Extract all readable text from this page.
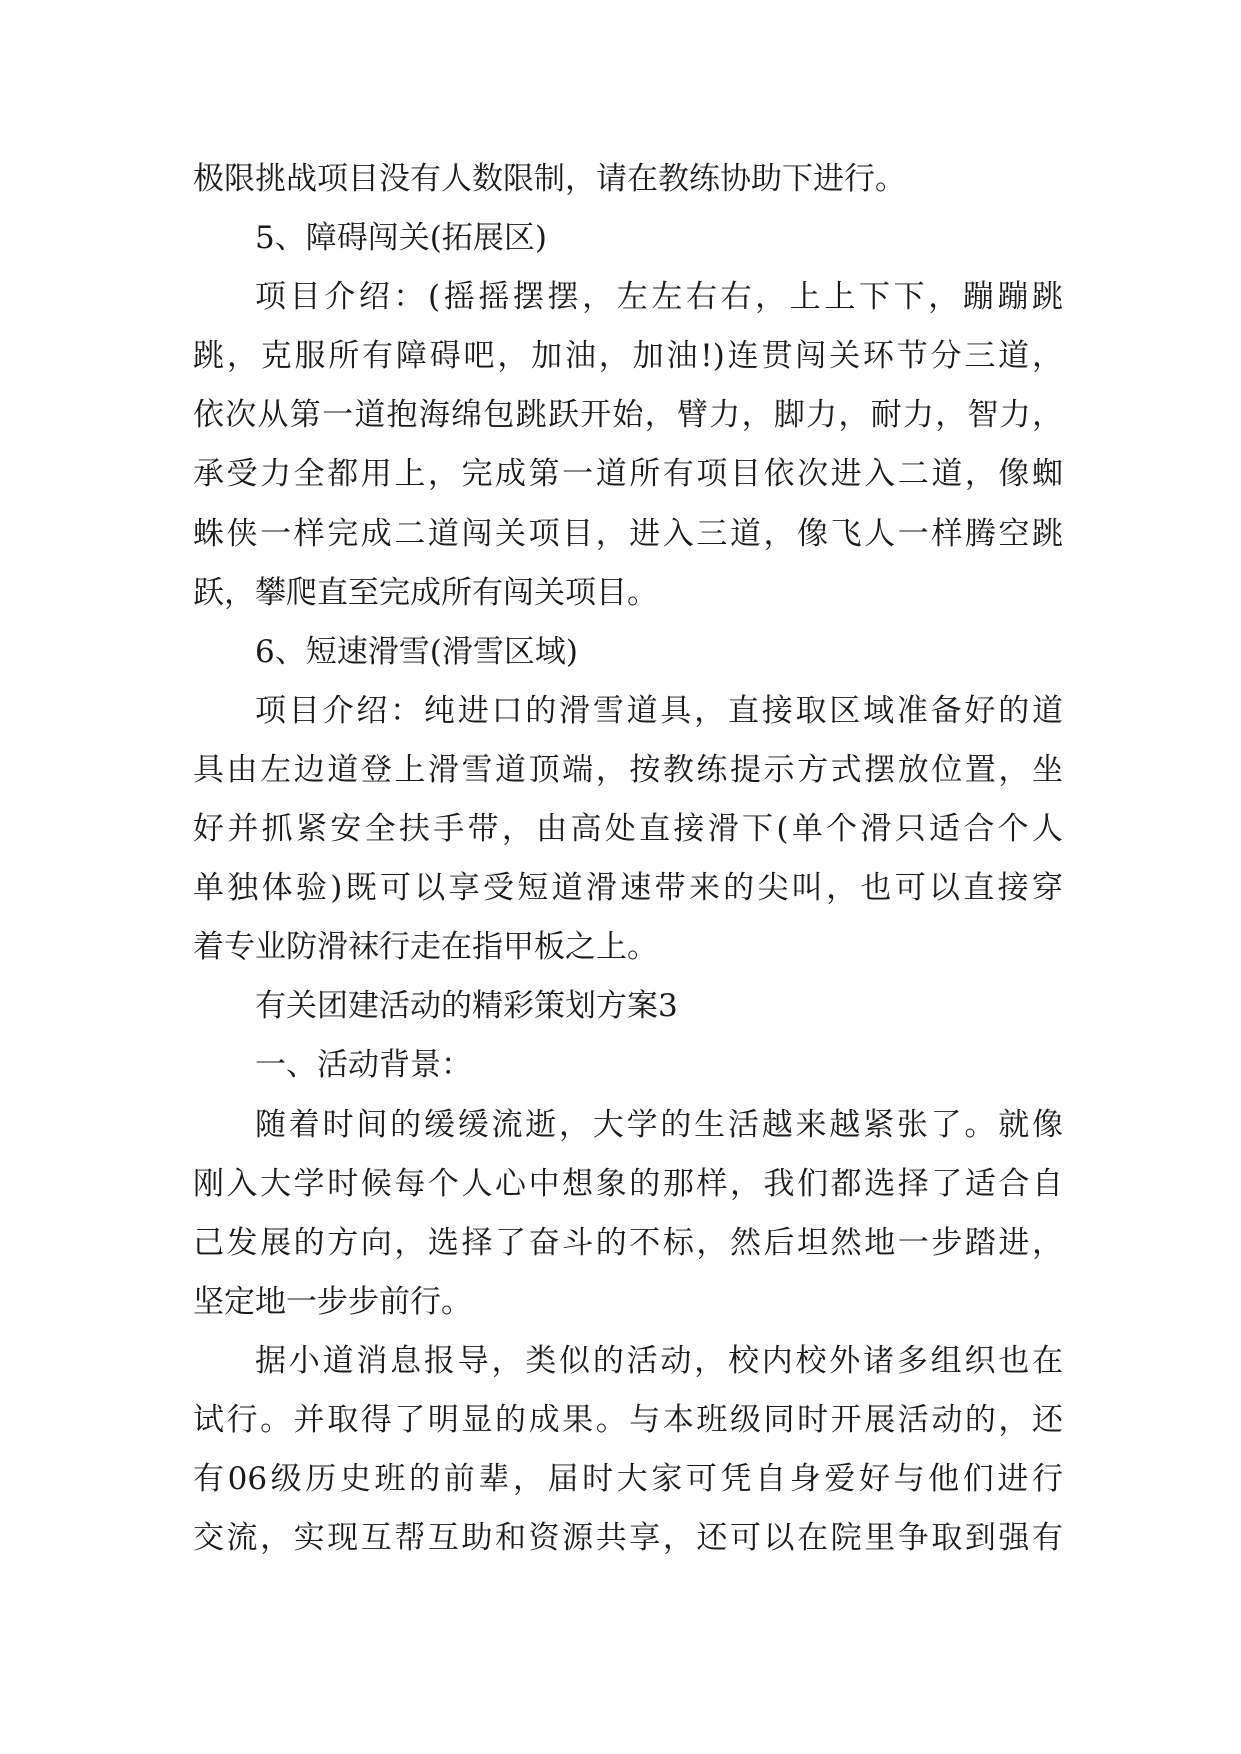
极限挑战项目没有人数限制，请在教练协助下进行。
5、障碍闯关(拓展区)
项目介绍：(摇摇摆摆，左左右右，上上下下，蹦蹦跳
跳，克服所有障碍吧，加油，加油!)连贯闯关环节分三道，
依次从第一道抱海绵包跳跃开始，臂力，脚力，耐力，智力，
承受力全都用上，完成第一道所有项目依次进入二道，像蜘
蛛侠一样完成二道闯关项目，进入三道，像飞人一样腾空跳
跃，攀爬直至完成所有闯关项目。
6、短速滑雪(滑雪区域)
项目介绍：纯进口的滑雪道具，直接取区域准备好的道
具由左边道登上滑雪道顶端，按教练提示方式摆放位置，坐
好并抓紧安全扶手带，由高处直接滑下(单个滑只适合个人
单独体验)既可以享受短道滑速带来的尖叫，也可以直接穿
着专业防滑袜行走在指甲板之上。
有关团建活动的精彩策划方案3
一、活动背景：
随着时间的缓缓流逝，大学的生活越来越紧张了。就像
刚入大学时候每个人心中想象的那样，我们都选择了适合自
己发展的方向，选择了奋斗的不标，然后坦然地一步踏进，
坚定地一步步前行。
据小道消息报导，类似的活动，校内校外诸多组织也在
试行。并取得了明显的成果。与本班级同时开展活动的，还
有06级历史班的前辈，届时大家可凭自身爱好与他们进行
交流，实现互帮互助和资源共享，还可以在院里争取到强有
